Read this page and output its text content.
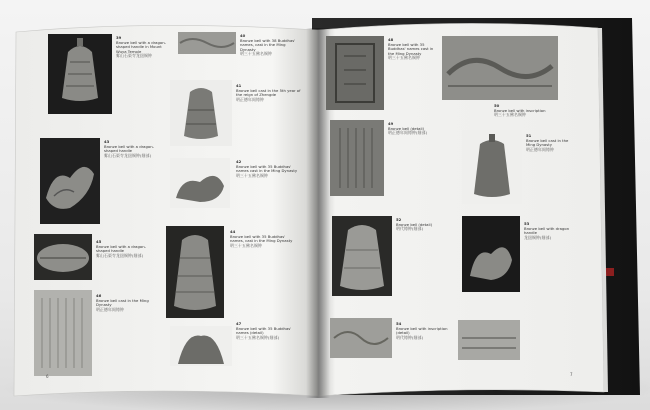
39
Bronze bell with a dragon-shaped handle in Mount Wuya Temple
雾山石渠寺龙纽铜钟
40
Bronze bell with 38 Buddhas' names, cast in the Ming Dynasty
明三十五佛名铜钟
41
Bronze bell cast in the 5th year of the reign of Zhengde
明正德年间铸钟
42
Bronze bell with 35 Buddhas' names cast in the Ming Dynasty
明三十五佛名铜钟
43
Bronze bell with a dragon-shaped handle
雾山石渠寺龙纽铜钟(细部)
44
Bronze bell with 35 Buddhas' names, cast in the Ming Dynasty
明三十五佛名铜钟
45
Bronze bell with a dragon-shaped handle
雾山石渠寺龙纽铜钟(细部)
46
Bronze bell cast in the Ming Dynasty
明正德年间铸钟
47
Bronze bell with 35 Buddhas' names (detail)
明三十五佛名铜钟(细部)
48
Bronze bell with 35 Buddhas' names cast in the Ming Dynasty
明三十五佛名铜钟
49
Bronze bell (detail)
明正德年间铸钟(细部)
50
Bronze bell with inscription
明三十五佛名铜钟
51
Bronze bell cast in the Ming Dynasty
明正德年间铸钟
52
Bronze bell (detail)
明代铸钟(细部)
53
Bronze bell with dragon handle
龙纽铜钟(细部)
54
Bronze bell with inscription (detail)
明代铸钟(细部)
6	7
